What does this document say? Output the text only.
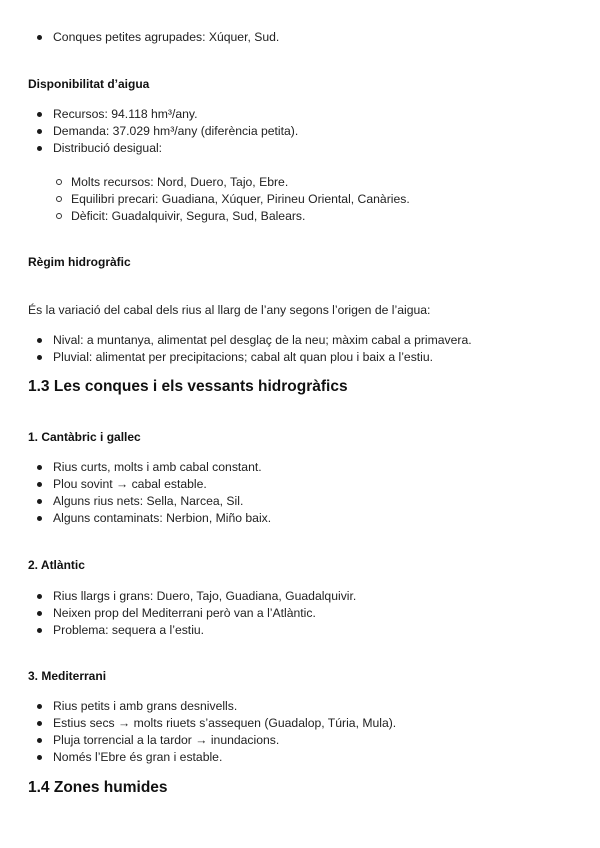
Conques petites agrupades: Xúquer, Sud.
Disponibilitat d’aigua
Recursos: 94.118 hm³/any.
Demanda: 37.029 hm³/any (diferència petita).
Distribució desigual:
Molts recursos: Nord, Duero, Tajo, Ebre.
Equilibri precari: Guadiana, Xúquer, Pirineu Oriental, Canàries.
Dèficit: Guadalquivir, Segura, Sud, Balears.
Règim hidrogràfic
És la variació del cabal dels rius al llarg de l’any segons l’origen de l’aigua:
Nival: a muntanya, alimentat pel desglaç de la neu; màxim cabal a primavera.
Pluvial: alimentat per precipitacions; cabal alt quan plou i baix a l’estiu.
1.3 Les conques i els vessants hidrogràfics
1. Cantàbric i gallec
Rius curts, molts i amb cabal constant.
Plou sovint → cabal estable.
Alguns rius nets: Sella, Narcea, Sil.
Alguns contaminats: Nerbion, Miño baix.
2. Atlàntic
Rius llargs i grans: Duero, Tajo, Guadiana, Guadalquivir.
Neixen prop del Mediterrani però van a l’Atlàntic.
Problema: sequera a l’estiu.
3. Mediterrani
Rius petits i amb grans desnivells.
Estius secs → molts riuets s’assequen (Guadalop, Túria, Mula).
Pluja torrencial a la tardor → inundacions.
Només l’Ebre és gran i estable.
1.4 Zones humides
